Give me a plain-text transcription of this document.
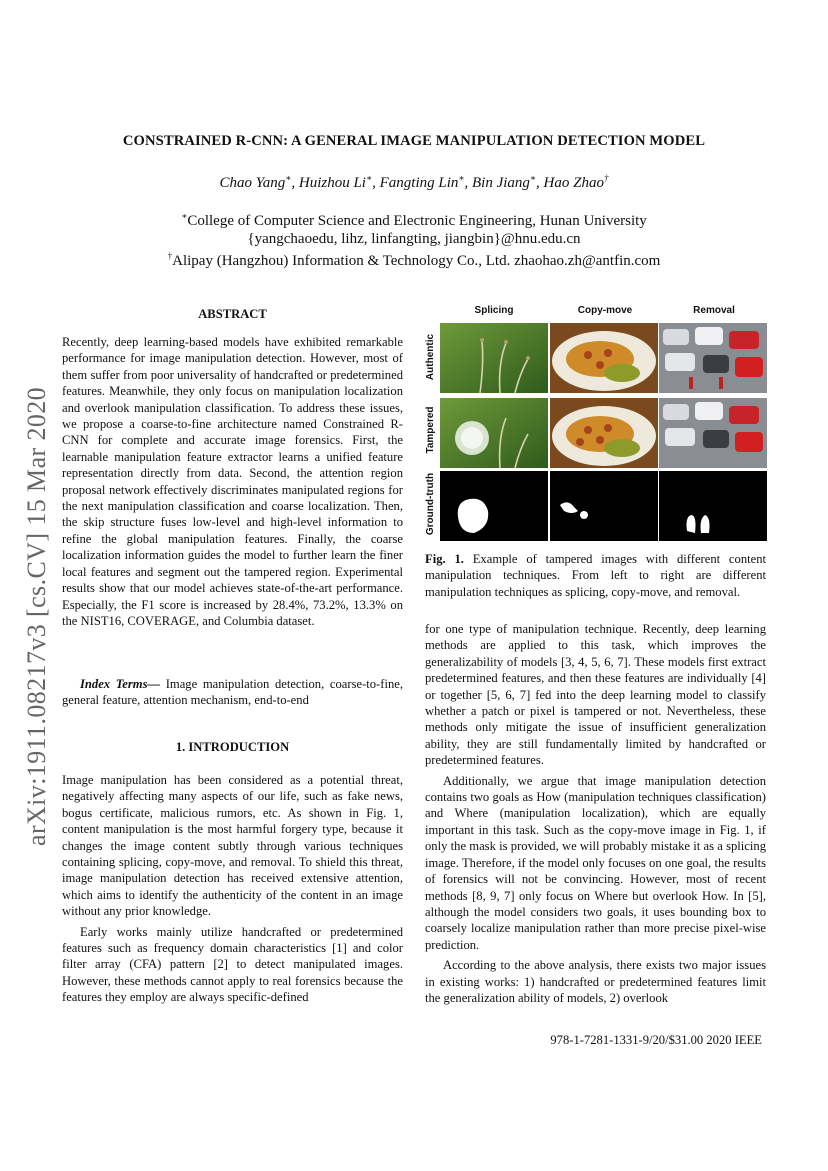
arXiv:1911.08217v3 [cs.CV] 15 Mar 2020
CONSTRAINED R-CNN: A GENERAL IMAGE MANIPULATION DETECTION MODEL
Chao Yang∗, Huizhou Li∗, Fangting Lin∗, Bin Jiang∗, Hao Zhao†
∗College of Computer Science and Electronic Engineering, Hunan University
{yangchaoedu, lihz, linfangting, jiangbin}@hnu.edu.cn
†Alipay (Hangzhou) Information & Technology Co., Ltd. zhaohao.zh@antfin.com
ABSTRACT
Recently, deep learning-based models have exhibited remarkable performance for image manipulation detection. However, most of them suffer from poor universality of handcrafted or predetermined features. Meanwhile, they only focus on manipulation localization and overlook manipulation classification. To address these issues, we propose a coarse-to-fine architecture named Constrained R-CNN for complete and accurate image forensics. First, the learnable manipulation feature extractor learns a unified feature representation directly from data. Second, the attention region proposal network effectively discriminates manipulated regions for the next manipulation classification and coarse localization. Then, the skip structure fuses low-level and high-level information to refine the global manipulation features. Finally, the coarse localization information guides the model to further learn the finer local features and segment out the tampered region. Experimental results show that our model achieves state-of-the-art performance. Especially, the F1 score is increased by 28.4%, 73.2%, 13.3% on the NIST16, COVERAGE, and Columbia dataset.
Index Terms— Image manipulation detection, coarse-to-fine, general feature, attention mechanism, end-to-end
1. INTRODUCTION

Image manipulation has been considered as a potential threat, negatively affecting many aspects of our life, such as fake news, bogus certificate, malicious rumors, etc. As shown in Fig. 1, content manipulation is the most harmful forgery type, because it changes the image content subtly through various techniques containing splicing, copy-move, and removal. To shield this threat, image manipulation detection has received extensive attention, which aims to identify the authenticity of the content in an image without any prior knowledge.

Early works mainly utilize handcrafted or predetermined features such as frequency domain characteristics [1] and color filter array (CFA) pattern [2] to detect manipulated images. However, these methods cannot apply to real forensics because the features they employ are always specific-defined

Splicing	Copy-move	Removal
Authentic
Tampered
Ground-truth
Fig. 1. Example of tampered images with different content manipulation techniques. From left to right are different manipulation techniques as splicing, copy-move, and removal.

for one type of manipulation technique. Recently, deep learning methods are applied to this task, which improves the generalizability of models [3, 4, 5, 6, 7]. These models first extract predetermined features, and then these features are individually [4] or together [5, 6, 7] fed into the deep learning model to classify whether a patch or pixel is tampered or not. Nevertheless, these methods only mitigate the issue of insufficient generalization ability, they are still fundamentally limited by handcrafted or predetermined features.

Additionally, we argue that image manipulation detection contains two goals as How (manipulation techniques classification) and Where (manipulation localization), which are equally important in this task. Such as the copy-move image in Fig. 1, if only the mask is provided, we will probably mistake it as a splicing image. Therefore, if the model only focuses on one goal, the results of forensics will not be convincing. However, most of recent methods [8, 9, 7] only focus on Where but overlook How. In [5], although the model considers two goals, it uses bounding box to coarsely localize manipulation rather than more precise pixel-wise prediction.

According to the above analysis, there exists two major issues in existing works: 1) handcrafted or predetermined features limit the generalization ability of models, 2) overlook

978-1-7281-1331-9/20/$31.00 2020 IEEE
